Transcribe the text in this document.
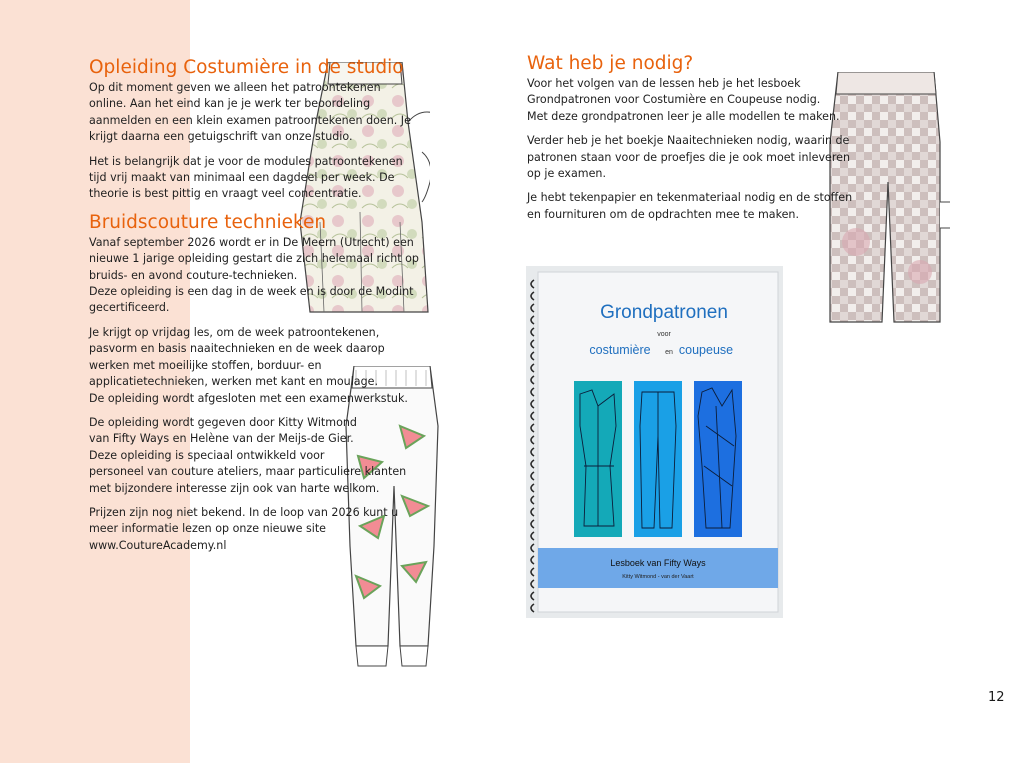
Opleiding Costumière in de studio

Op dit moment geven we alleen het patroontekenen
online. Aan het eind kan je je werk ter beoordeling
aanmelden en een klein examen patroontekenen doen. Je
krijgt daarna een getuigschrift van onze studio.

Het is belangrijk dat je voor de modules patroontekenen
tijd vrij maakt van minimaal een dagdeel per week. De
theorie is best pittig en vraagt veel concentratie.

Bruidscouture technieken

Vanaf september 2026 wordt er in De Meern (Utrecht) een
nieuwe 1 jarige opleiding gestart die zich helemaal richt op
bruids- en avond couture-technieken.
Deze opleiding is een dag in de week en is door de Modint
gecertificeerd.

Je krijgt op vrijdag les, om de week patroontekenen,
pasvorm en basis naaitechnieken en de week daarop
werken met moeilijke stoffen, borduur- en
applicatietechnieken, werken met kant en moulage.
De opleiding wordt afgesloten met een examenwerkstuk.

De opleiding wordt gegeven door Kitty Witmond
van Fifty Ways en Helène van der Meijs-de Gier.
Deze opleiding is speciaal ontwikkeld voor
personeel van couture ateliers, maar particuliere klanten
met bijzondere interesse zijn ook van harte welkom.

Prijzen zijn nog niet bekend. In de loop van 2026 kunt u
meer informatie lezen op onze nieuwe site
www.CoutureAcademy.nl

Wat heb je nodig?

Voor het volgen van de lessen heb je het lesboek
Grondpatronen voor Costumière en Coupeuse nodig.
Met deze grondpatronen leer je alle modellen te maken.

Verder heb je het boekje Naaitechnieken nodig, waarin de
patronen staan voor de proefjes die je ook moet inleveren
op je examen.

Je hebt tekenpapier en tekenmateriaal nodig en de stoffen
en fournituren om de opdrachten mee te maken.

Grondpatronen
voor
costumière en coupeuse
Lesboek van Fifty Ways
Kitty Witmond - van der Vaart
12
